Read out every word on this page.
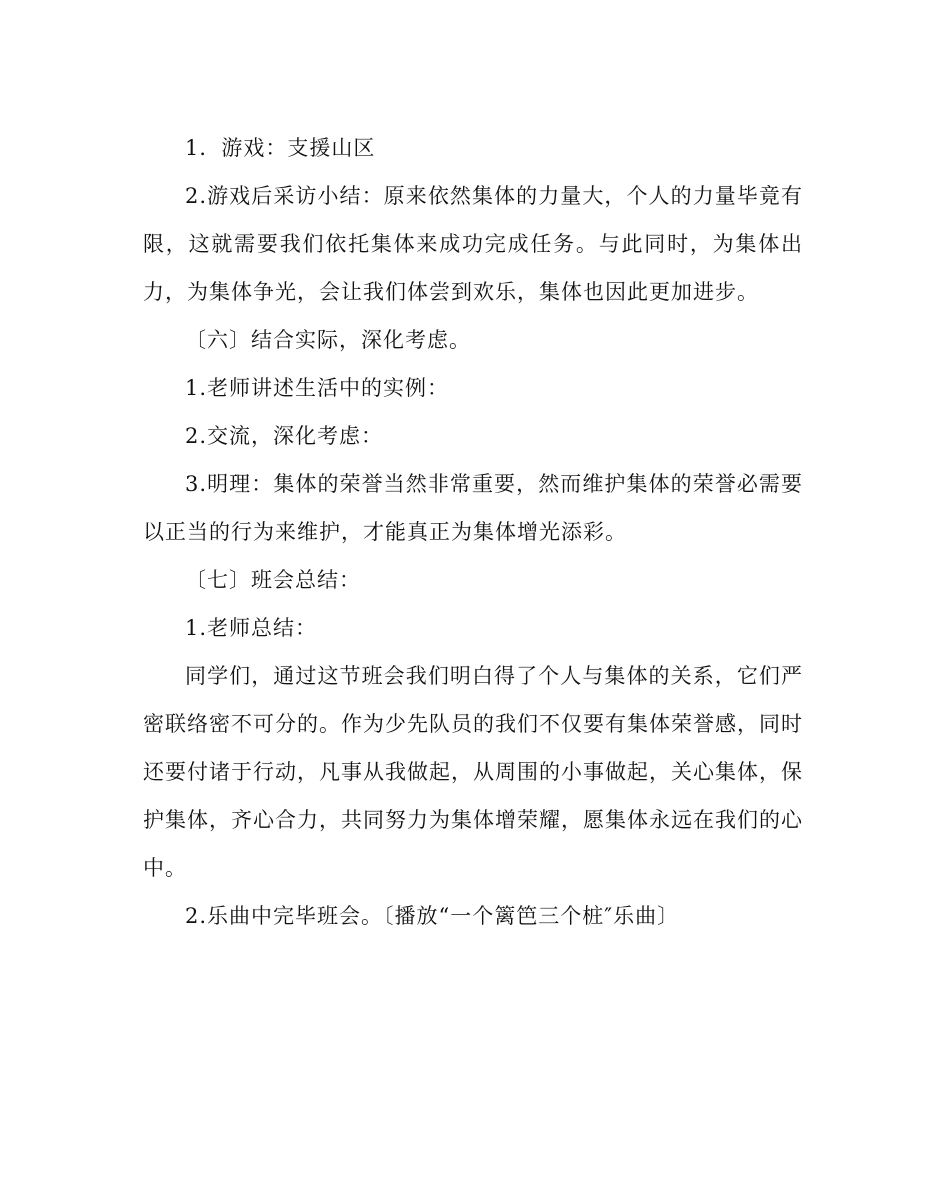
1．游戏：支援山区

2.游戏后采访小结：原来依然集体的力量大，个人的力量毕竟有限，这就需要我们依托集体来成功完成任务。与此同时，为集体出力，为集体争光，会让我们体尝到欢乐，集体也因此更加进步。

〔六〕结合实际，深化考虑。

1.老师讲述生活中的实例：

2.交流，深化考虑：

3.明理：集体的荣誉当然非常重要，然而维护集体的荣誉必需要以正当的行为来维护，才能真正为集体增光添彩。

〔七〕班会总结：

1.老师总结：

同学们，通过这节班会我们明白得了个人与集体的关系，它们严密联络密不可分的。作为少先队员的我们不仅要有集体荣誉感，同时还要付诸于行动，凡事从我做起，从周围的小事做起，关心集体，保护集体，齐心合力，共同努力为集体增荣耀，愿集体永远在我们的心中。

2.乐曲中完毕班会。〔播放“一个篱笆三个桩″乐曲〕
